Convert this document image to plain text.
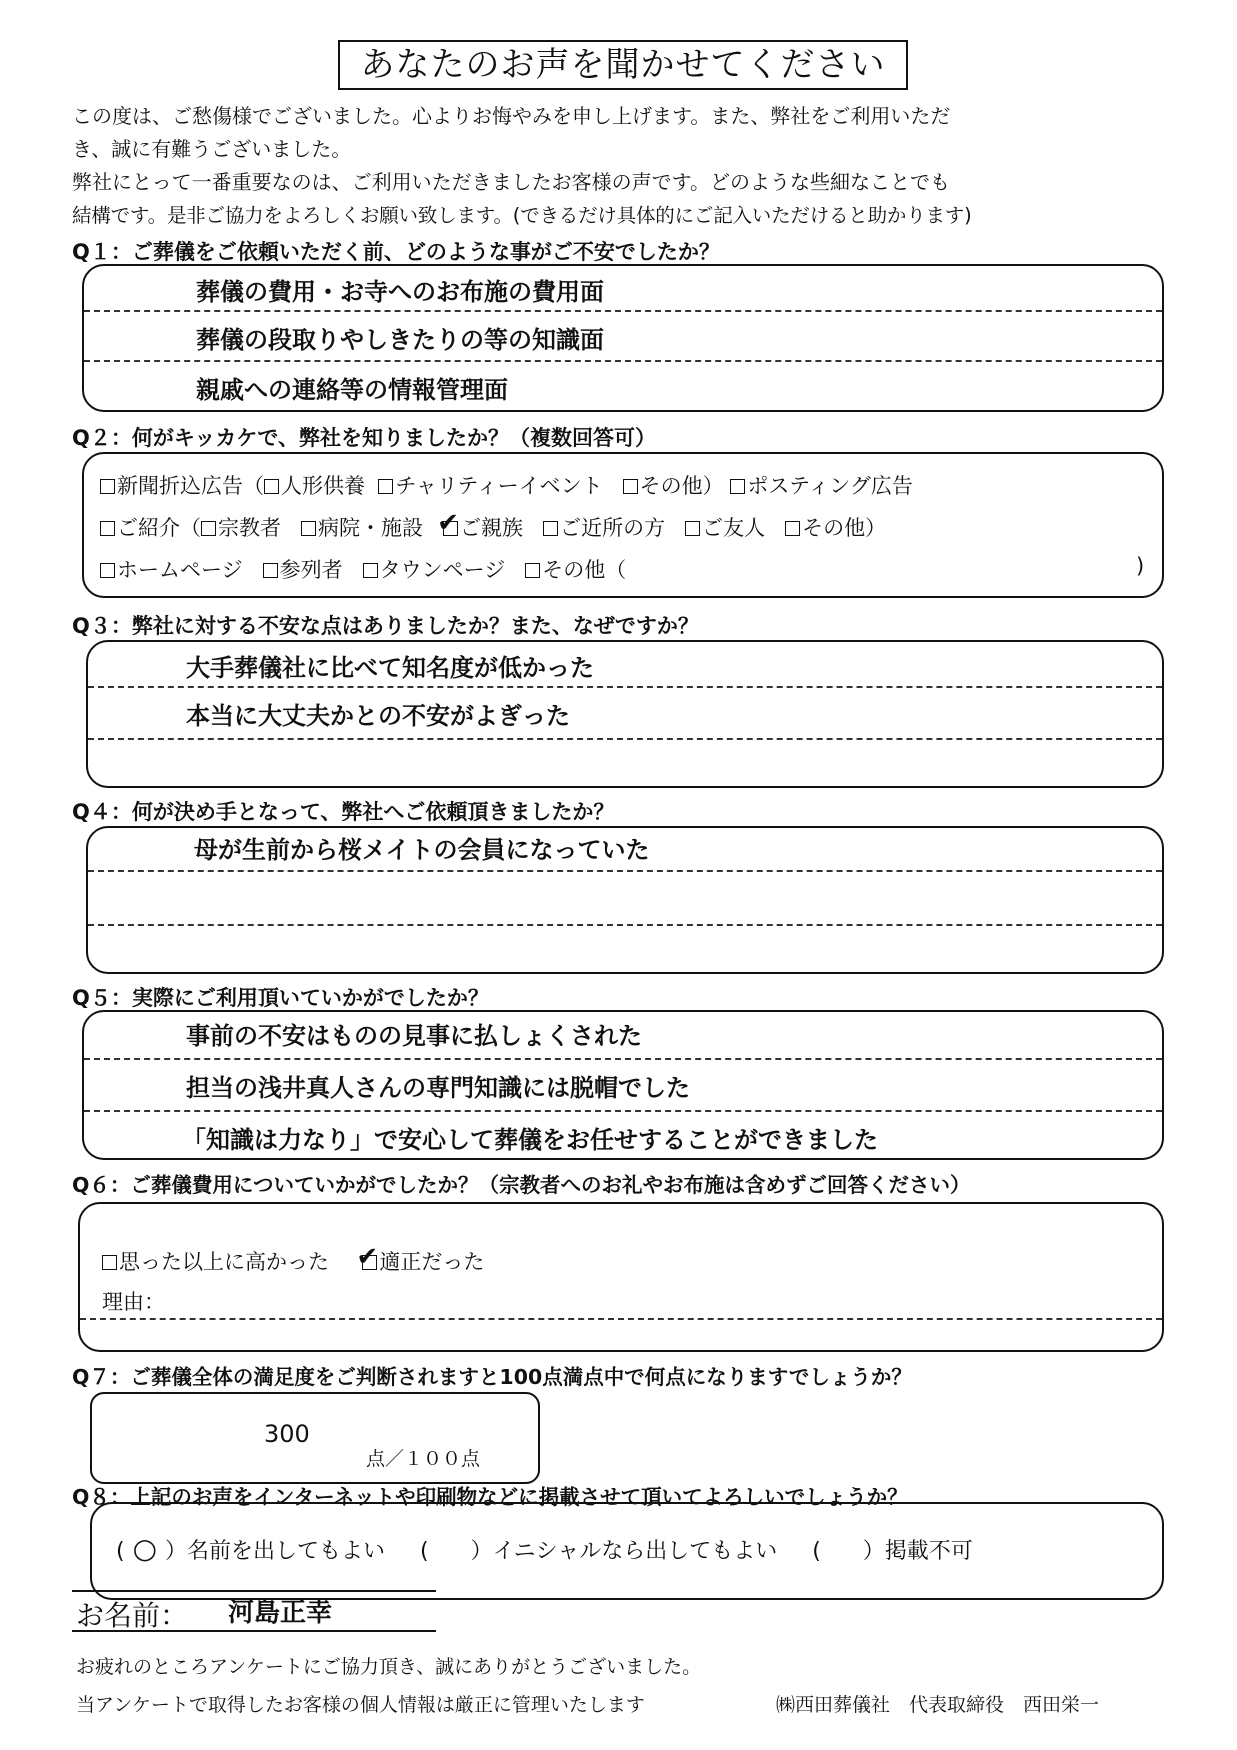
あなたのお声を聞かせてください
この度は、ご愁傷様でございました。心よりお悔やみを申し上げます。また、弊社をご利用いただ
き、誠に有難うございました。
弊社にとって一番重要なのは、ご利用いただきましたお客様の声です。どのような些細なことでも
結構です。是非ご協力をよろしくお願い致します。(できるだけ具体的にご記入いただけると助かります)
Q１：ご葬儀をご依頼いただく前、どのような事がご不安でしたか？
葬儀の費用・お寺へのお布施の費用面
葬儀の段取りやしきたりの等の知識面
親戚への連絡等の情報管理面
Q２：何がキッカケで、弊社を知りましたか？（複数回答可）
新聞折込広告（ 人形供養 チャリティーイベント その他） ポスティング広告
ご紹介（ 宗教者 病院・施設 ✔ご親族 ご近所の方 ご友人 その他）
ホームページ 参列者 タウンページ その他（	)
Q３：弊社に対する不安な点はありましたか？また、なぜですか？
大手葬儀社に比べて知名度が低かった
本当に大丈夫かとの不安がよぎった
Q４：何が決め手となって、弊社へご依頼頂きましたか？
母が生前から桜メイトの会員になっていた
Q５：実際にご利用頂いていかがでしたか？
事前の不安はものの見事に払しょくされた
担当の浅井真人さんの専門知識には脱帽でした
「知識は力なり」で安心して葬儀をお任せすることができました
Q６：ご葬儀費用についていかがでしたか？（宗教者へのお礼やお布施は含めずご回答ください）
思った以上に高かった ✔適正だった
理由：
Q７：ご葬儀全体の満足度をご判断されますと100点満点中で何点になりますでしょうか？
300
点／１００点
Q８：上記のお声をインターネットや印刷物などに掲載させて頂いてよろしいでしょうか？
( ○ ）名前を出してもよい     (      ）イニシャルなら出してもよい     (      ）掲載不可
お名前： 河島正幸
お疲れのところアンケートにご協力頂き、誠にありがとうございました。
当アンケートで取得したお客様の個人情報は厳正に管理いたします	㈱西田葬儀社　代表取締役　西田栄一
